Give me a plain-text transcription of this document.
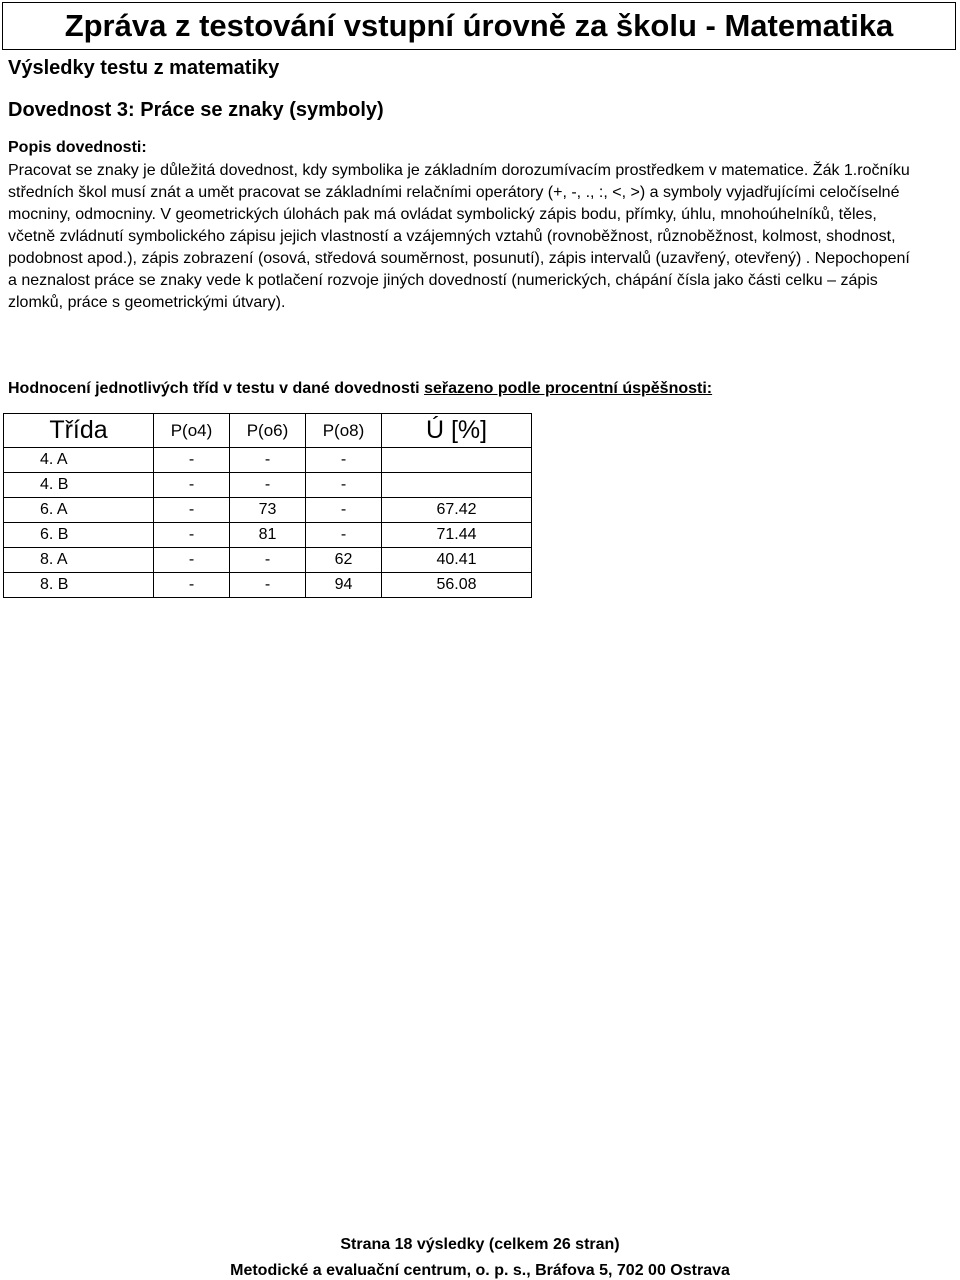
Zpráva z testování vstupní úrovně za školu - Matematika
Výsledky testu z matematiky
Dovednost 3: Práce se znaky (symboly)
Popis dovednosti:

Pracovat se znaky je důležitá dovednost, kdy symbolika je základním dorozumívacím prostředkem v matematice. Žák 1.ročníku středních škol musí znát a umět pracovat se základními relačními operátory (+, -, ., :, <, >) a symboly vyjadřujícími celočíselné mocniny, odmocniny. V geometrických úlohách pak má ovládat symbolický zápis bodu, přímky, úhlu, mnohoúhelníků, těles, včetně zvládnutí symbolického zápisu jejich vlastností a vzájemných vztahů (rovnoběžnost, různoběžnost, kolmost, shodnost, podobnost apod.), zápis zobrazení (osová, středová souměrnost, posunutí), zápis intervalů (uzavřený, otevřený) . Nepochopení a neznalost práce se znaky vede k potlačení rozvoje jiných dovedností (numerických, chápání čísla jako části celku – zápis zlomků, práce s geometrickými útvary).

Hodnocení jednotlivých tříd v testu v dané dovednosti seřazeno podle procentní úspěšnosti:
Třída	P(o4)	P(o6)	P(o8)	Ú [%]
4. A	-	-	-	
4. B	-	-	-	
6. A	-	73	-	67.42
6. B	-	81	-	71.44
8. A	-	-	62	40.41
8. B	-	-	94	56.08
Strana 18 výsledky (celkem 26 stran)
Metodické a evaluační centrum, o. p. s., Bráfova 5, 702 00 Ostrava
